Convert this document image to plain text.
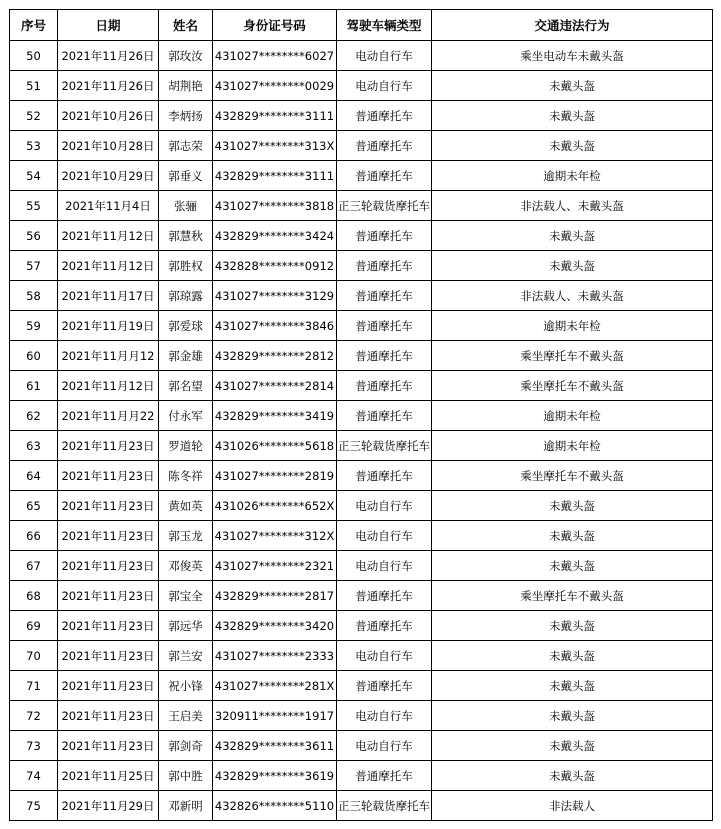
序号	日期	姓名	身份证号码	驾驶车辆类型	交通违法行为
50	2021年11月26日	郭玫汝	431027********6027	电动自行车	乘坐电动车未戴头盔
51	2021年11月26日	胡荆艳	431027********0029	电动自行车	未戴头盔
52	2021年10月26日	李炳扬	432829********3111	普通摩托车	未戴头盔
53	2021年10月28日	郭志荣	431027********313X	普通摩托车	未戴头盔
54	2021年10月29日	郭垂义	432829********3111	普通摩托车	逾期未年检
55	2021年11月4日	张骊	431027********3818	正三轮载货摩托车	非法载人、未戴头盔
56	2021年11月12日	郭慧秋	432829********3424	普通摩托车	未戴头盔
57	2021年11月12日	郭胜权	432828********0912	普通摩托车	未戴头盔
58	2021年11月17日	郭琼露	431027********3129	普通摩托车	非法载人、未戴头盔
59	2021年11月19日	郭爱球	431027********3846	普通摩托车	逾期未年检
60	2021年11月月12	郭金雄	432829********2812	普通摩托车	乘坐摩托车不戴头盔
61	2021年11月12日	郭名望	431027********2814	普通摩托车	乘坐摩托车不戴头盔
62	2021年11月月22	付永军	432829********3419	普通摩托车	逾期未年检
63	2021年11月23日	罗道轮	431026********5618	正三轮载货摩托车	逾期未年检
64	2021年11月23日	陈冬祥	431027********2819	普通摩托车	乘坐摩托车不戴头盔
65	2021年11月23日	黄如英	431026********652X	电动自行车	未戴头盔
66	2021年11月23日	郭玉龙	431027********312X	电动自行车	未戴头盔
67	2021年11月23日	邓俊英	431027********2321	电动自行车	未戴头盔
68	2021年11月23日	郭宝全	432829********2817	普通摩托车	乘坐摩托车不戴头盔
69	2021年11月23日	郭远华	432829********3420	普通摩托车	未戴头盔
70	2021年11月23日	郭兰安	431027********2333	电动自行车	未戴头盔
71	2021年11月23日	祝小锋	431027********281X	普通摩托车	未戴头盔
72	2021年11月23日	王启美	320911********1917	电动自行车	未戴头盔
73	2021年11月23日	郭剑奇	432829********3611	电动自行车	未戴头盔
74	2021年11月25日	郭中胜	432829********3619	普通摩托车	未戴头盔
75	2021年11月29日	邓新明	432826********5110	正三轮载货摩托车	非法载人
